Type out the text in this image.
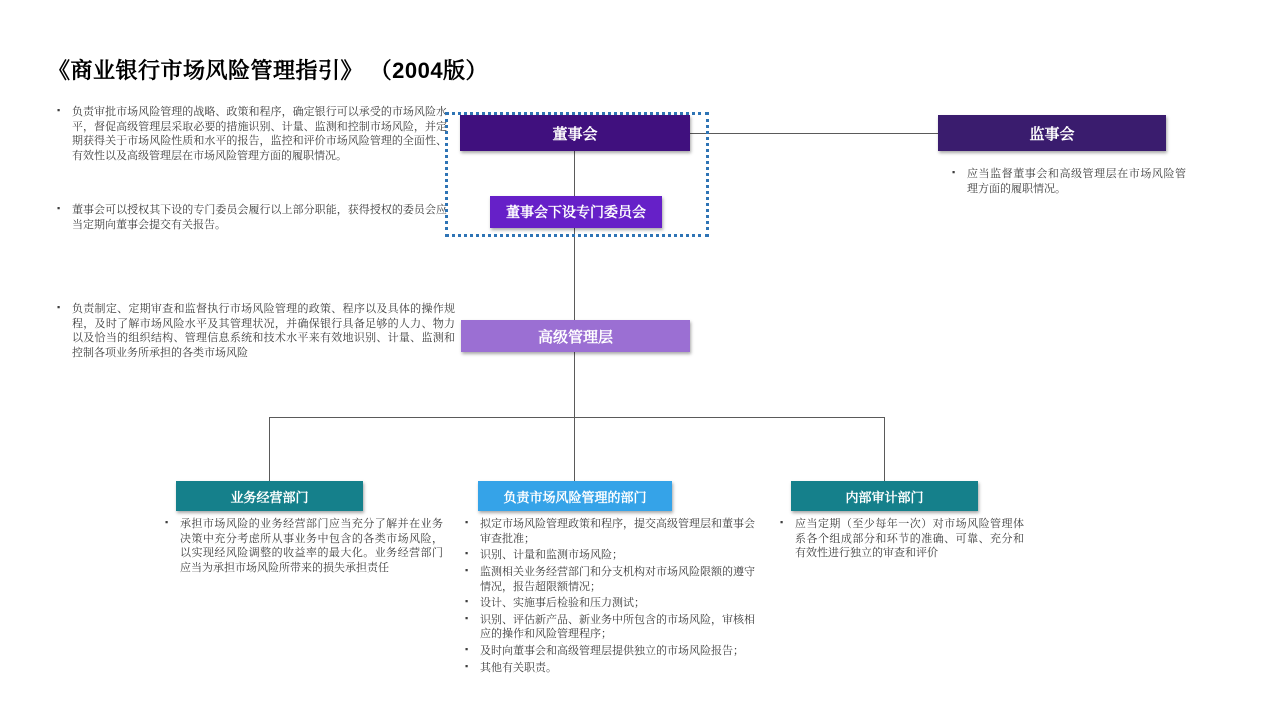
《商业银行市场风险管理指引》 （2004版）
▪ 负责审批市场风险管理的战略、政策和程序，确定银行可以承受的市场风险水平，督促高级管理层采取必要的措施识别、计量、监测和控制市场风险，并定期获得关于市场风险性质和水平的报告，监控和评价市场风险管理的全面性、有效性以及高级管理层在市场风险管理方面的履职情况。
▪ 董事会可以授权其下设的专门委员会履行以上部分职能，获得授权的委员会应当定期向董事会提交有关报告。
▪ 负责制定、定期审查和监督执行市场风险管理的政策、程序以及具体的操作规程，及时了解市场风险水平及其管理状况，并确保银行具备足够的人力、物力以及恰当的组织结构、管理信息系统和技术水平来有效地识别、计量、监测和控制各项业务所承担的各类市场风险
董事会
董事会下设专门委员会
监事会
▪ 应当监督董事会和高级管理层在市场风险管理方面的履职情况。
高级管理层
业务经营部门	负责市场风险管理的部门	内部审计部门
▪ 承担市场风险的业务经营部门应当充分了解并在业务决策中充分考虑所从事业务中包含的各类市场风险，以实现经风险调整的收益率的最大化。业务经营部门应当为承担市场风险所带来的损失承担责任
▪ 拟定市场风险管理政策和程序，提交高级管理层和董事会审查批准；
▪ 识别、计量和监测市场风险；
▪ 监测相关业务经营部门和分支机构对市场风险限额的遵守情况，报告超限额情况；
▪ 设计、实施事后检验和压力测试；
▪ 识别、评估新产品、新业务中所包含的市场风险，审核相应的操作和风险管理程序；
▪ 及时向董事会和高级管理层提供独立的市场风险报告；
▪ 其他有关职责。
▪ 应当定期（至少每年一次）对市场风险管理体系各个组成部分和环节的准确、可靠、充分和有效性进行独立的审查和评价
